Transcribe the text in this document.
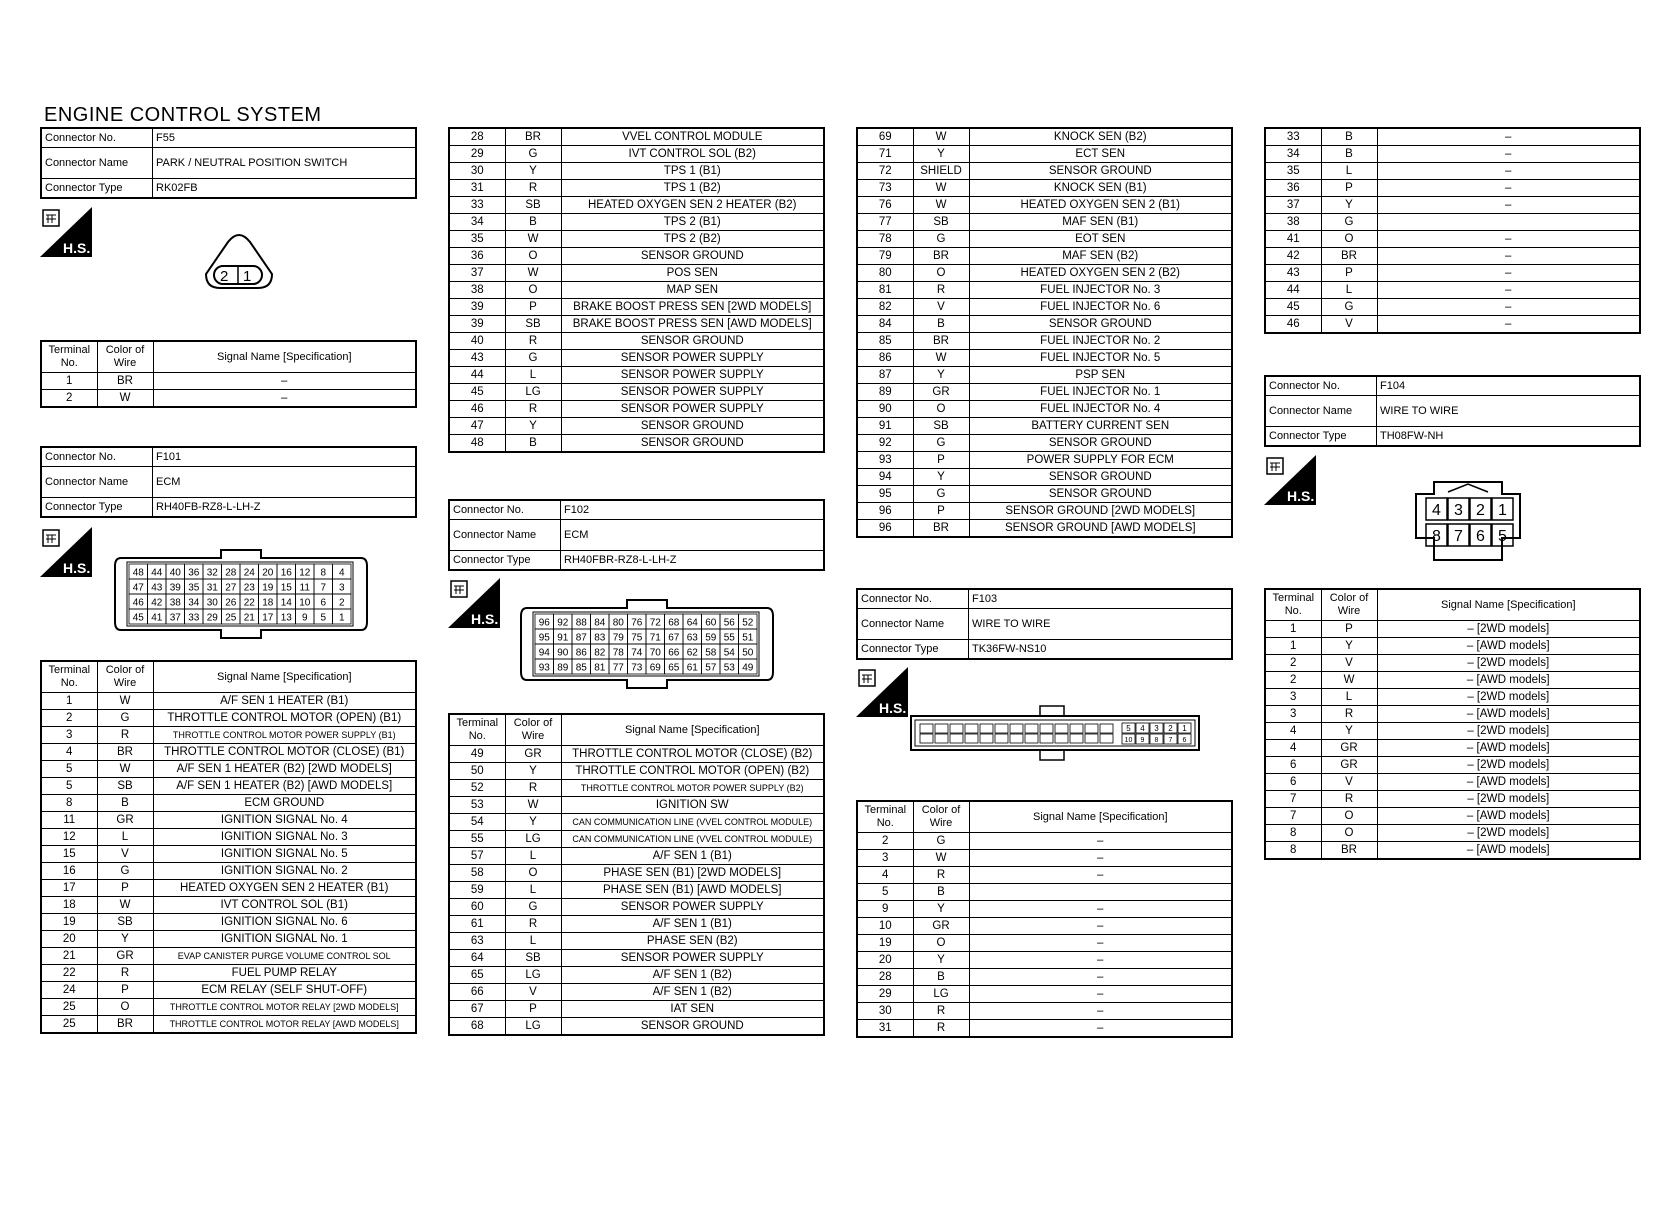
ENGINE CONTROL SYSTEM
Connector No.	F55
Connector Name	PARK / NEUTRAL POSITION SWITCH
Connector Type	RK02FB
H.S.
2 1
Terminal No.	Color of Wire	Signal Name [Specification]
1	BR	–
2	W	–
Connector No.	F101
Connector Name	ECM
Connector Type	RH40FB-RZ8-L-LH-Z
H.S.	48 44 40 36 32 28 24 20 16 12 8 4
47 43 39 35 31 27 23 19 15 11 7 3
46 42 38 34 30 26 22 18 14 10 6 2
45 41 37 33 29 25 21 17 13 9 5 1
Terminal No.	Color of Wire	Signal Name [Specification]
1	W	A/F SEN 1 HEATER (B1)
2	G	THROTTLE CONTROL MOTOR (OPEN) (B1)
3	R	THROTTLE CONTROL MOTOR POWER SUPPLY (B1)
4	BR	THROTTLE CONTROL MOTOR (CLOSE) (B1)
5	W	A/F SEN 1 HEATER (B2) [2WD MODELS]
5	SB	A/F SEN 1 HEATER (B2) [AWD MODELS]
8	B	ECM GROUND
11	GR	IGNITION SIGNAL No. 4
12	L	IGNITION SIGNAL No. 3
15	V	IGNITION SIGNAL No. 5
16	G	IGNITION SIGNAL No. 2
17	P	HEATED OXYGEN SEN 2 HEATER (B1)
18	W	IVT CONTROL SOL (B1)
19	SB	IGNITION SIGNAL No. 6
20	Y	IGNITION SIGNAL No. 1
21	GR	EVAP CANISTER PURGE VOLUME CONTROL SOL
22	R	FUEL PUMP RELAY
24	P	ECM RELAY (SELF SHUT-OFF)
25	O	THROTTLE CONTROL MOTOR RELAY [2WD MODELS]
25	BR	THROTTLE CONTROL MOTOR RELAY [AWD MODELS]
28	BR	VVEL CONTROL MODULE
29	G	IVT CONTROL SOL (B2)
30	Y	TPS 1 (B1)
31	R	TPS 1 (B2)
33	SB	HEATED OXYGEN SEN 2 HEATER (B2)
34	B	TPS 2 (B1)
35	W	TPS 2 (B2)
36	O	SENSOR GROUND
37	W	POS SEN
38	O	MAP SEN
39	P	BRAKE BOOST PRESS SEN [2WD MODELS]
39	SB	BRAKE BOOST PRESS SEN [AWD MODELS]
40	R	SENSOR GROUND
43	G	SENSOR POWER SUPPLY
44	L	SENSOR POWER SUPPLY
45	LG	SENSOR POWER SUPPLY
46	R	SENSOR POWER SUPPLY
47	Y	SENSOR GROUND
48	B	SENSOR GROUND
Connector No.	F102
Connector Name	ECM
Connector Type	RH40FBR-RZ8-L-LH-Z
H.S.	96 92 88 84 80 76 72 68 64 60 56 52
95 91 87 83 79 75 71 67 63 59 55 51
94 90 86 82 78 74 70 66 62 58 54 50
93 89 85 81 77 73 69 65 61 57 53 49
Terminal No.	Color of Wire	Signal Name [Specification]
49	GR	THROTTLE CONTROL MOTOR (CLOSE) (B2)
50	Y	THROTTLE CONTROL MOTOR (OPEN) (B2)
52	R	THROTTLE CONTROL MOTOR POWER SUPPLY (B2)
53	W	IGNITION SW
54	Y	CAN COMMUNICATION LINE (VVEL CONTROL MODULE)
55	LG	CAN COMMUNICATION LINE (VVEL CONTROL MODULE)
57	L	A/F SEN 1 (B1)
58	O	PHASE SEN (B1) [2WD MODELS]
59	L	PHASE SEN (B1) [AWD MODELS]
60	G	SENSOR POWER SUPPLY
61	R	A/F SEN 1 (B1)
63	L	PHASE SEN (B2)
64	SB	SENSOR POWER SUPPLY
65	LG	A/F SEN 1 (B2)
66	V	A/F SEN 1 (B2)
67	P	IAT SEN
68	LG	SENSOR GROUND
69	W	KNOCK SEN (B2)
71	Y	ECT SEN
72	SHIELD	SENSOR GROUND
73	W	KNOCK SEN (B1)
76	W	HEATED OXYGEN SEN 2 (B1)
77	SB	MAF SEN (B1)
78	G	EOT SEN
79	BR	MAF SEN (B2)
80	O	HEATED OXYGEN SEN 2 (B2)
81	R	FUEL INJECTOR No. 3
82	V	FUEL INJECTOR No. 6
84	B	SENSOR GROUND
85	BR	FUEL INJECTOR No. 2
86	W	FUEL INJECTOR No. 5
87	Y	PSP SEN
89	GR	FUEL INJECTOR No. 1
90	O	FUEL INJECTOR No. 4
91	SB	BATTERY CURRENT SEN
92	G	SENSOR GROUND
93	P	POWER SUPPLY FOR ECM
94	Y	SENSOR GROUND
95	G	SENSOR GROUND
96	P	SENSOR GROUND [2WD MODELS]
96	BR	SENSOR GROUND [AWD MODELS]
Connector No.	F103
Connector Name	WIRE TO WIRE
Connector Type	TK36FW-NS10
H.S.
5 4 3 2 1
10 9 8 7 6
Terminal No.	Color of Wire	Signal Name [Specification]
2	G	–
3	W	–
4	R	–
5	B	
9	Y	–
10	GR	–
19	O	–
20	Y	–
28	B	–
29	LG	–
30	R	–
31	R	–
33	B	–
34	B	–
35	L	–
36	P	–
37	Y	–
38	G	
41	O	–
42	BR	–
43	P	–
44	L	–
45	G	–
46	V	–
Connector No.	F104
Connector Name	WIRE TO WIRE
Connector Type	TH08FW-NH
H.S.
4 3 2 1
8 7 6 5
Terminal No.	Color of Wire	Signal Name [Specification]
1	P	– [2WD models]
1	Y	– [AWD models]
2	V	– [2WD models]
2	W	– [AWD models]
3	L	– [2WD models]
3	R	– [AWD models]
4	Y	– [2WD models]
4	GR	– [AWD models]
6	GR	– [2WD models]
6	V	– [AWD models]
7	R	– [2WD models]
7	O	– [AWD models]
8	O	– [2WD models]
8	BR	– [AWD models]
